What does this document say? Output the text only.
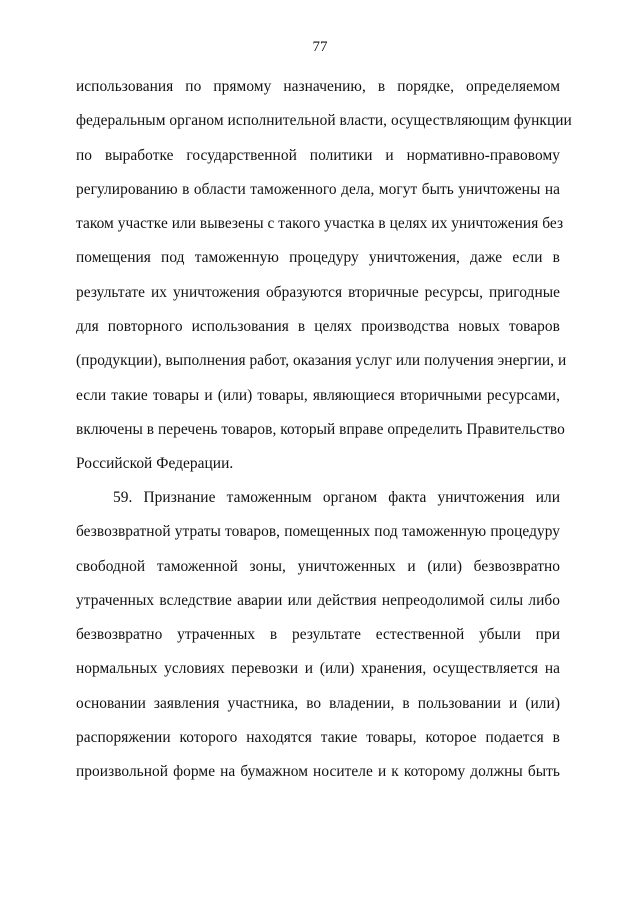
77
использования по прямому назначению, в порядке, определяемом
федеральным органом исполнительной власти, осуществляющим функции
по выработке государственной политики и нормативно-правовому
регулированию в области таможенного дела, могут быть уничтожены на
таком участке или вывезены с такого участка в целях их уничтожения без
помещения под таможенную процедуру уничтожения, даже если в
результате их уничтожения образуются вторичные ресурсы, пригодные
для повторного использования в целях производства новых товаров
(продукции), выполнения работ, оказания услуг или получения энергии, и
если такие товары и (или) товары, являющиеся вторичными ресурсами,
включены в перечень товаров, который вправе определить Правительство
Российской Федерации.
59. Признание таможенным органом факта уничтожения или
безвозвратной утраты товаров, помещенных под таможенную процедуру
свободной таможенной зоны, уничтоженных и (или) безвозвратно
утраченных вследствие аварии или действия непреодолимой силы либо
безвозвратно утраченных в результате естественной убыли при
нормальных условиях перевозки и (или) хранения, осуществляется на
основании заявления участника, во владении, в пользовании и (или)
распоряжении которого находятся такие товары, которое подается в
произвольной форме на бумажном носителе и к которому должны быть
